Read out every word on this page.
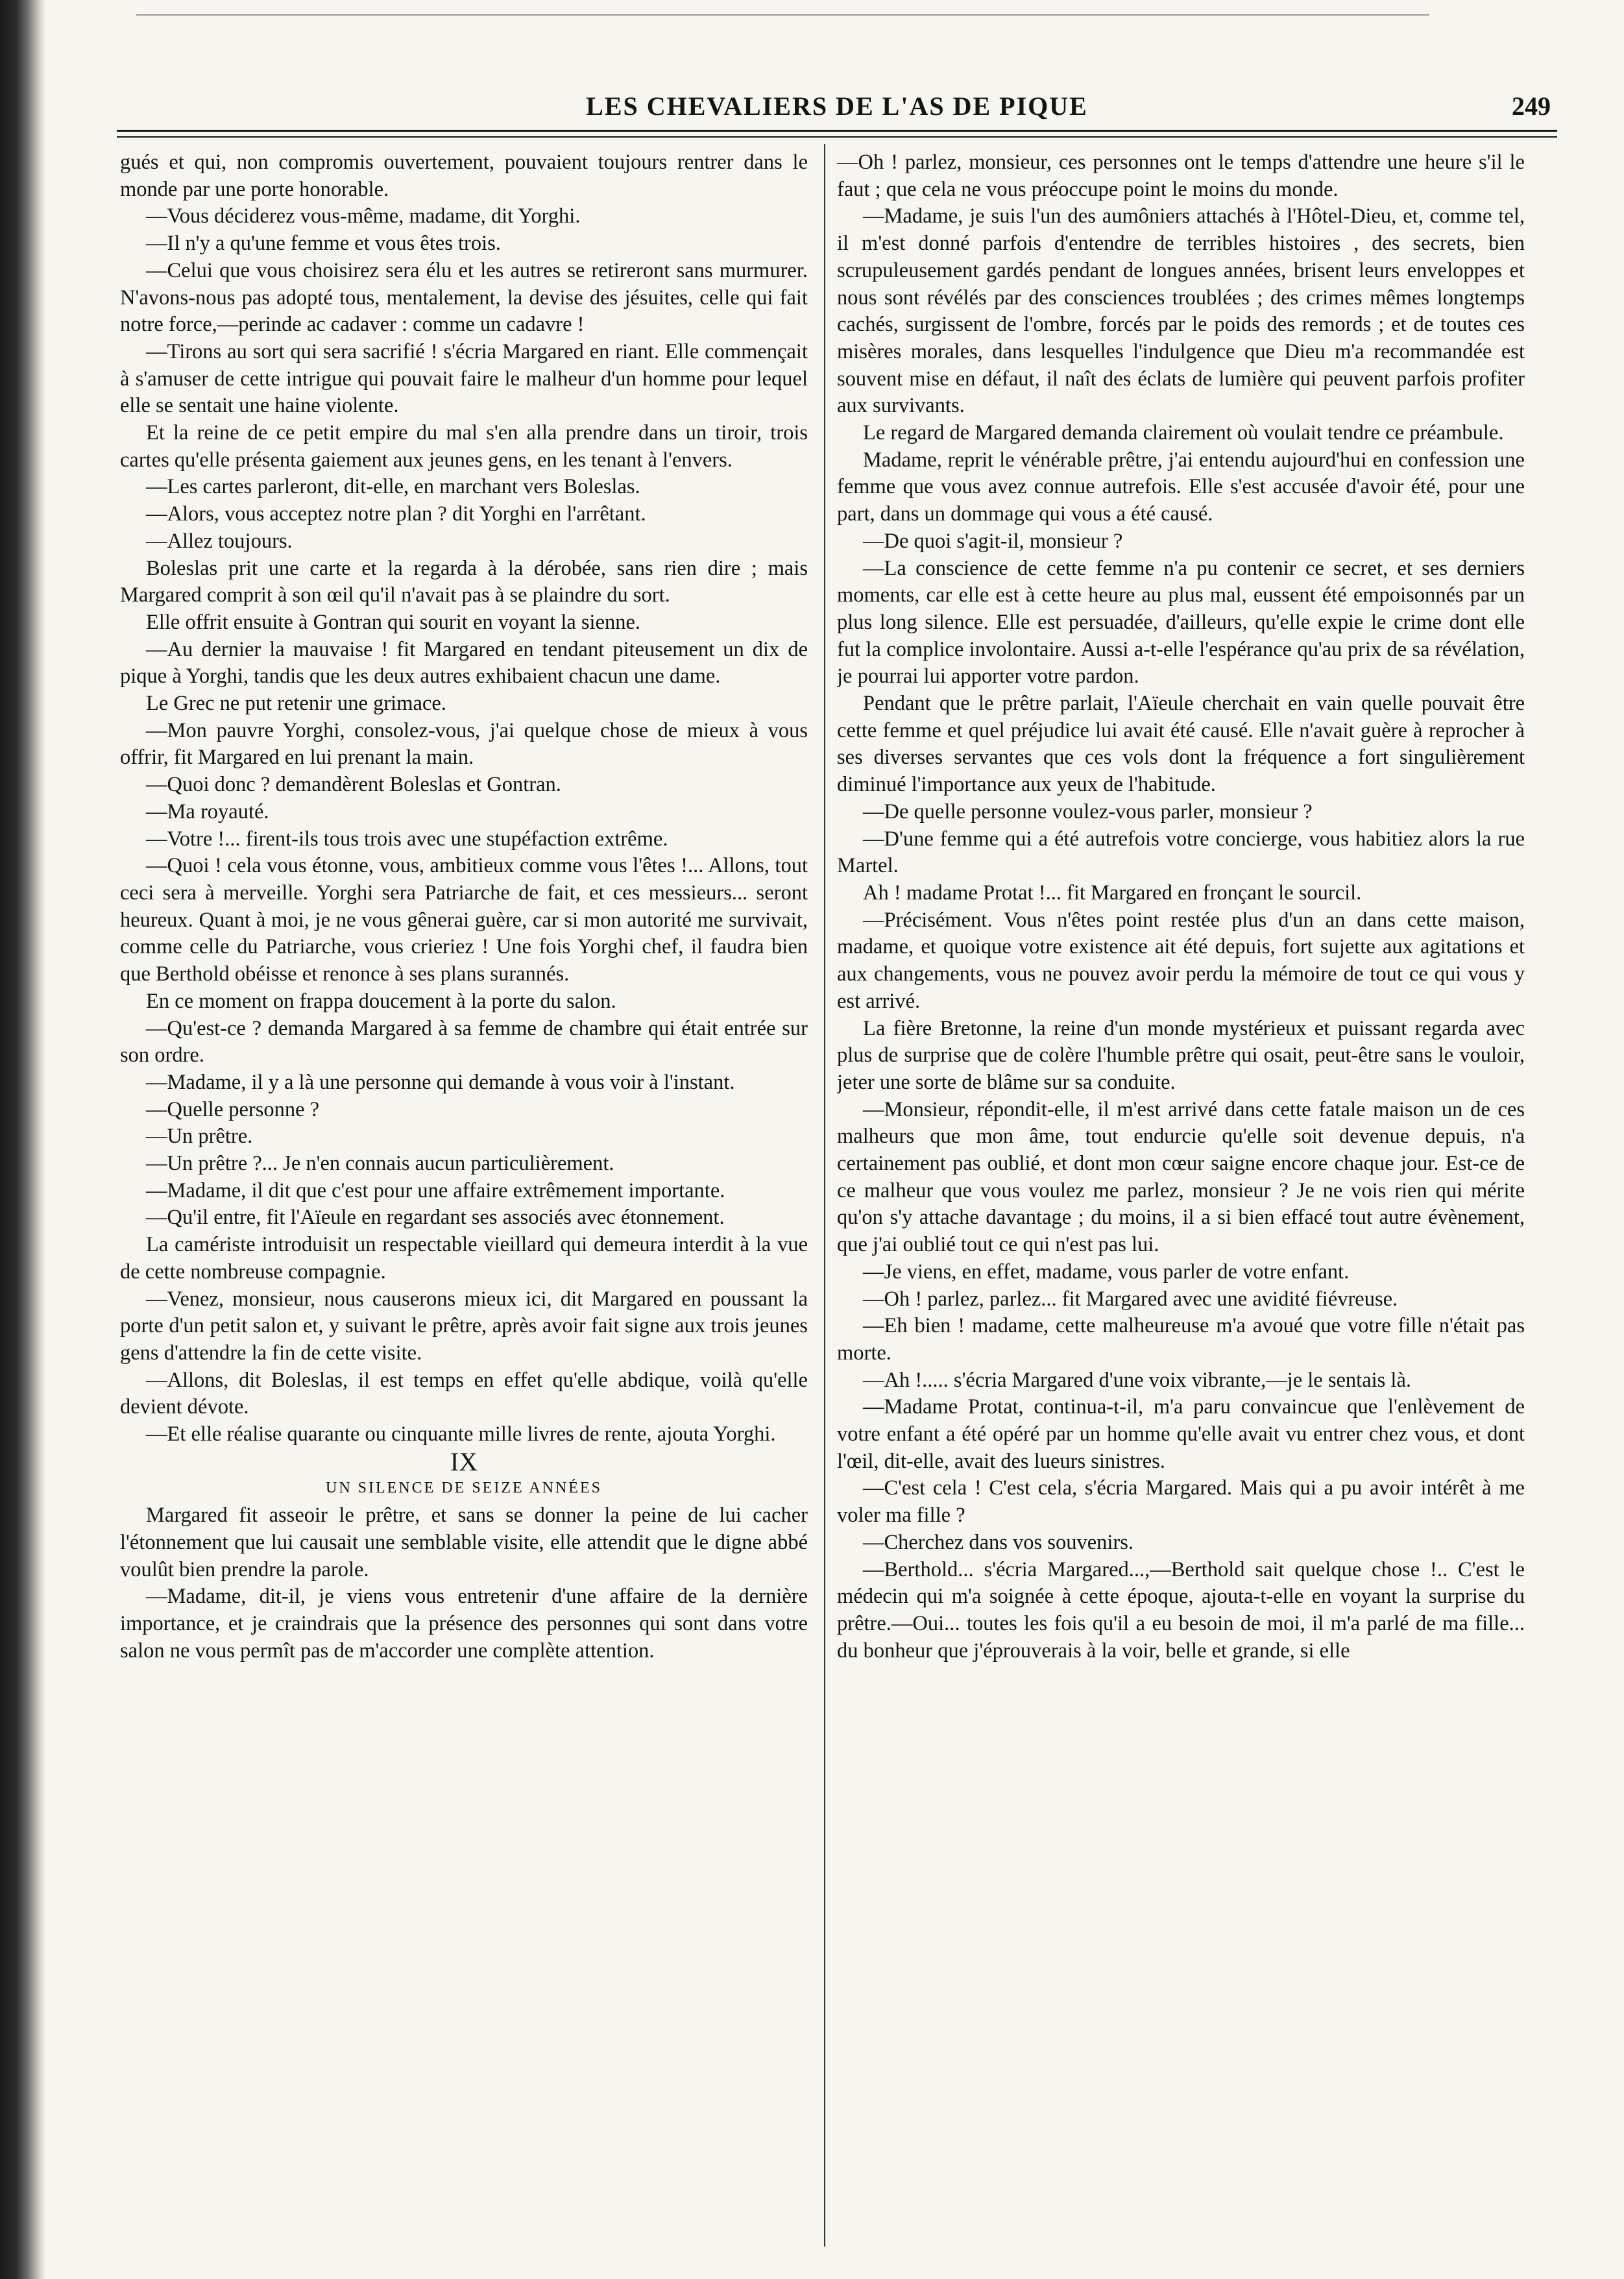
LES CHEVALIERS DE L'AS DE PIQUE	249

gués et qui, non compromis ouvertement, pouvaient toujours rentrer dans le monde par une porte honorable.

—Vous déciderez vous-même, madame, dit Yorghi.

—Il n'y a qu'une femme et vous êtes trois.

—Celui que vous choisirez sera élu et les autres se retireront sans murmurer. N'avons-nous pas adopté tous, mentalement, la devise des jésuites, celle qui fait notre force,—perinde ac cadaver : comme un cadavre !

—Tirons au sort qui sera sacrifié ! s'écria Margared en riant. Elle commençait à s'amuser de cette intrigue qui pouvait faire le malheur d'un homme pour lequel elle se sentait une haine violente.

Et la reine de ce petit empire du mal s'en alla prendre dans un tiroir, trois cartes qu'elle présenta gaiement aux jeunes gens, en les tenant à l'envers.

—Les cartes parleront, dit-elle, en marchant vers Boleslas.

—Alors, vous acceptez notre plan ? dit Yorghi en l'arrêtant.

—Allez toujours.

Boleslas prit une carte et la regarda à la dérobée, sans rien dire ; mais Margared comprit à son œil qu'il n'avait pas à se plaindre du sort.

Elle offrit ensuite à Gontran qui sourit en voyant la sienne.

—Au dernier la mauvaise ! fit Margared en tendant piteusement un dix de pique à Yorghi, tandis que les deux autres exhibaient chacun une dame.

Le Grec ne put retenir une grimace.

—Mon pauvre Yorghi, consolez-vous, j'ai quelque chose de mieux à vous offrir, fit Margared en lui prenant la main.

—Quoi donc ? demandèrent Boleslas et Gontran.

—Ma royauté.

—Votre !... firent-ils tous trois avec une stupéfaction extrême.

—Quoi ! cela vous étonne, vous, ambitieux comme vous l'êtes !... Allons, tout ceci sera à merveille. Yorghi sera Patriarche de fait, et ces messieurs... seront heureux. Quant à moi, je ne vous gênerai guère, car si mon autorité me survivait, comme celle du Patriarche, vous crieriez ! Une fois Yorghi chef, il faudra bien que Berthold obéisse et renonce à ses plans surannés.

En ce moment on frappa doucement à la porte du salon.

—Qu'est-ce ? demanda Margared à sa femme de chambre qui était entrée sur son ordre.

—Madame, il y a là une personne qui demande à vous voir à l'instant.

—Quelle personne ?

—Un prêtre.

—Un prêtre ?... Je n'en connais aucun particulièrement.

—Madame, il dit que c'est pour une affaire extrêmement importante.

—Qu'il entre, fit l'Aïeule en regardant ses associés avec étonnement.

La camériste introduisit un respectable vieillard qui demeura interdit à la vue de cette nombreuse compagnie.

—Venez, monsieur, nous causerons mieux ici, dit Margared en poussant la porte d'un petit salon et, y suivant le prêtre, après avoir fait signe aux trois jeunes gens d'attendre la fin de cette visite.

—Allons, dit Boleslas, il est temps en effet qu'elle abdique, voilà qu'elle devient dévote.

—Et elle réalise quarante ou cinquante mille livres de rente, ajouta Yorghi.

IX

UN SILENCE DE SEIZE ANNÉES

Margared fit asseoir le prêtre, et sans se donner la peine de lui cacher l'étonnement que lui causait une semblable visite, elle attendit que le digne abbé voulût bien prendre la parole.

—Madame, dit-il, je viens vous entretenir d'une affaire de la dernière importance, et je craindrais que la présence des personnes qui sont dans votre salon ne vous permît pas de m'accorder une complète attention.

—Oh ! parlez, monsieur, ces personnes ont le temps d'attendre une heure s'il le faut ; que cela ne vous préoccupe point le moins du monde.

—Madame, je suis l'un des aumôniers attachés à l'Hôtel-Dieu, et, comme tel, il m'est donné parfois d'entendre de terribles histoires , des secrets, bien scrupuleusement gardés pendant de longues années, brisent leurs enveloppes et nous sont révélés par des consciences troublées ; des crimes mêmes longtemps cachés, surgissent de l'ombre, forcés par le poids des remords ; et de toutes ces misères morales, dans lesquelles l'indulgence que Dieu m'a recommandée est souvent mise en défaut, il naît des éclats de lumière qui peuvent parfois profiter aux survivants.

Le regard de Margared demanda clairement où voulait tendre ce préambule.

Madame, reprit le vénérable prêtre, j'ai entendu aujourd'hui en confession une femme que vous avez connue autrefois. Elle s'est accusée d'avoir été, pour une part, dans un dommage qui vous a été causé.

—De quoi s'agit-il, monsieur ?

—La conscience de cette femme n'a pu contenir ce secret, et ses derniers moments, car elle est à cette heure au plus mal, eussent été empoisonnés par un plus long silence. Elle est persuadée, d'ailleurs, qu'elle expie le crime dont elle fut la complice involontaire. Aussi a-t-elle l'espérance qu'au prix de sa révélation, je pourrai lui apporter votre pardon.

Pendant que le prêtre parlait, l'Aïeule cherchait en vain quelle pouvait être cette femme et quel préjudice lui avait été causé. Elle n'avait guère à reprocher à ses diverses servantes que ces vols dont la fréquence a fort singulièrement diminué l'importance aux yeux de l'habitude.

—De quelle personne voulez-vous parler, monsieur ?

—D'une femme qui a été autrefois votre concierge, vous habitiez alors la rue Martel.

Ah ! madame Protat !... fit Margared en fronçant le sourcil.

—Précisément. Vous n'êtes point restée plus d'un an dans cette maison, madame, et quoique votre existence ait été depuis, fort sujette aux agitations et aux changements, vous ne pouvez avoir perdu la mémoire de tout ce qui vous y est arrivé.

La fière Bretonne, la reine d'un monde mystérieux et puissant regarda avec plus de surprise que de colère l'humble prêtre qui osait, peut-être sans le vouloir, jeter une sorte de blâme sur sa conduite.

—Monsieur, répondit-elle, il m'est arrivé dans cette fatale maison un de ces malheurs que mon âme, tout endurcie qu'elle soit devenue depuis, n'a certainement pas oublié, et dont mon cœur saigne encore chaque jour. Est-ce de ce malheur que vous voulez me parlez, monsieur ? Je ne vois rien qui mérite qu'on s'y attache davantage ; du moins, il a si bien effacé tout autre évènement, que j'ai oublié tout ce qui n'est pas lui.

—Je viens, en effet, madame, vous parler de votre enfant.

—Oh ! parlez, parlez... fit Margared avec une avidité fiévreuse.

—Eh bien ! madame, cette malheureuse m'a avoué que votre fille n'était pas morte.

—Ah !..... s'écria Margared d'une voix vibrante,—je le sentais là.

—Madame Protat, continua-t-il, m'a paru convaincue que l'enlèvement de votre enfant a été opéré par un homme qu'elle avait vu entrer chez vous, et dont l'œil, dit-elle, avait des lueurs sinistres.

—C'est cela ! C'est cela, s'écria Margared. Mais qui a pu avoir intérêt à me voler ma fille ?

—Cherchez dans vos souvenirs.

—Berthold... s'écria Margared...,—Berthold sait quelque chose !.. C'est le médecin qui m'a soignée à cette époque, ajouta-t-elle en voyant la surprise du prêtre.—Oui... toutes les fois qu'il a eu besoin de moi, il m'a parlé de ma fille... du bonheur que j'éprouverais à la voir, belle et grande, si elle
